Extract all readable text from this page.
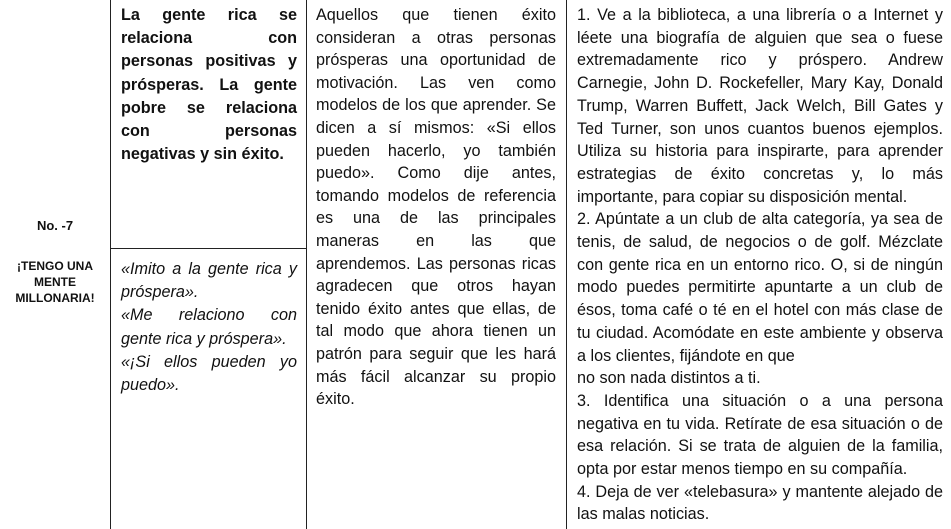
No. -7
¡TENGO UNA MENTE MILLONARIA!
La gente rica se relaciona con personas positivas y prósperas. La gente pobre se relaciona con personas negativas y sin éxito.

«Imito a la gente rica y próspera».

«Me relaciono con gente rica y próspera».

«¡Si ellos pueden yo puedo».

Aquellos que tienen éxito consideran a otras personas prósperas una oportunidad de motivación. Las ven como modelos de los que aprender. Se dicen a sí mismos: «Si ellos pueden hacerlo, yo también puedo». Como dije antes, tomando modelos de referencia es una de las principales maneras en las que aprendemos. Las personas ricas agradecen que otros hayan tenido éxito antes que ellas, de tal modo que ahora tienen un patrón para seguir que les hará más fácil alcanzar su propio éxito.

1. Ve a la biblioteca, a una librería o a Internet y léete una biografía de alguien que sea o fuese extremadamente rico y próspero. Andrew Carnegie, John D. Rockefeller, Mary Kay, Donald Trump, Warren Buffett, Jack Welch, Bill Gates y Ted Turner, son unos cuantos buenos ejemplos. Utiliza su historia para inspirarte, para aprender estrategias de éxito concretas y, lo más importante, para copiar su disposición mental.

2. Apúntate a un club de alta categoría, ya sea de tenis, de salud, de negocios o de golf. Mézclate con gente rica en un entorno rico. O, si de ningún modo puedes permitirte apuntarte a un club de ésos, toma café o té en el hotel con más clase de tu ciudad. Acomódate en este ambiente y observa a los clientes, fijándote en que

no son nada distintos a ti.

3. Identifica una situación o a una persona negativa en tu vida. Retírate de esa situación o de esa relación. Si se trata de alguien de la familia, opta por estar menos tiempo en su compañía.

4. Deja de ver «telebasura» y mantente alejado de las malas noticias.
